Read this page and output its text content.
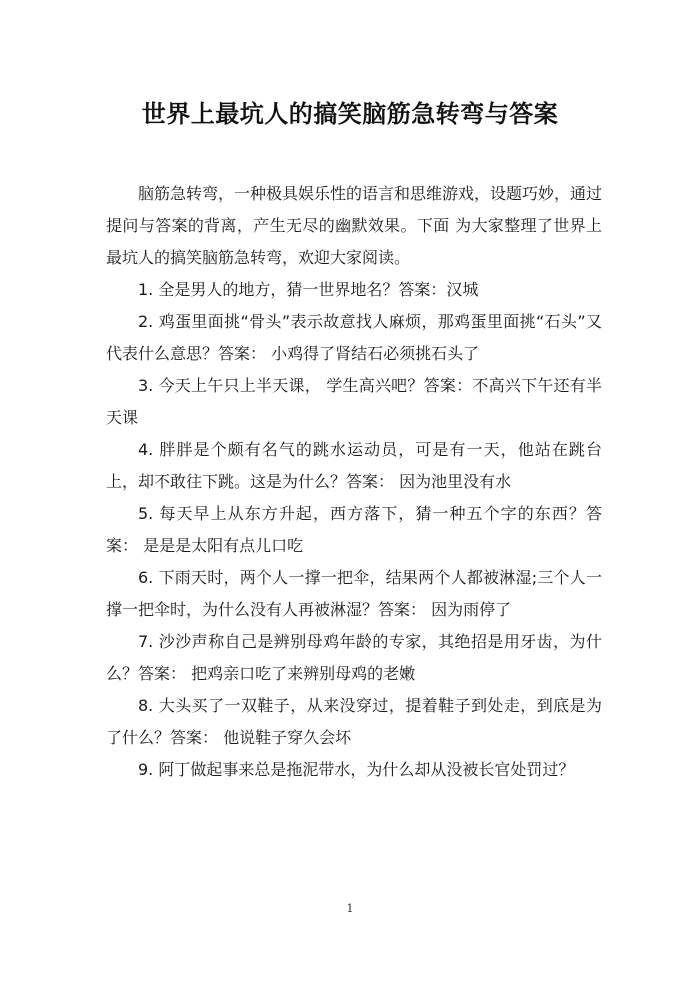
世界上最坑人的搞笑脑筋急转弯与答案

脑筋急转弯，一种极具娱乐性的语言和思维游戏，设题巧妙，通过提问与答案的背离，产生无尽的幽默效果。下面 为大家整理了世界上最坑人的搞笑脑筋急转弯，欢迎大家阅读。

1. 全是男人的地方，猜一世界地名？答案：汉城

2. 鸡蛋里面挑“骨头”表示故意找人麻烦，那鸡蛋里面挑“石头”又代表什么意思？答案： 小鸡得了肾结石必须挑石头了

3. 今天上午只上半天课， 学生高兴吧？答案：不高兴下午还有半天课

4. 胖胖是个颇有名气的跳水运动员，可是有一天，他站在跳台上，却不敢往下跳。这是为什么？答案： 因为池里没有水

5. 每天早上从东方升起，西方落下，猜一种五个字的东西？答案： 是是是太阳有点儿口吃

6. 下雨天时，两个人一撑一把伞，结果两个人都被淋湿;三个人一撑一把伞时，为什么没有人再被淋湿？答案： 因为雨停了

7. 沙沙声称自己是辨别母鸡年龄的专家，其绝招是用牙齿，为什么？答案： 把鸡亲口吃了来辨别母鸡的老嫩

8. 大头买了一双鞋子，从来没穿过，提着鞋子到处走，到底是为了什么？答案： 他说鞋子穿久会坏

9. 阿丁做起事来总是拖泥带水，为什么却从没被长官处罚过？

1
